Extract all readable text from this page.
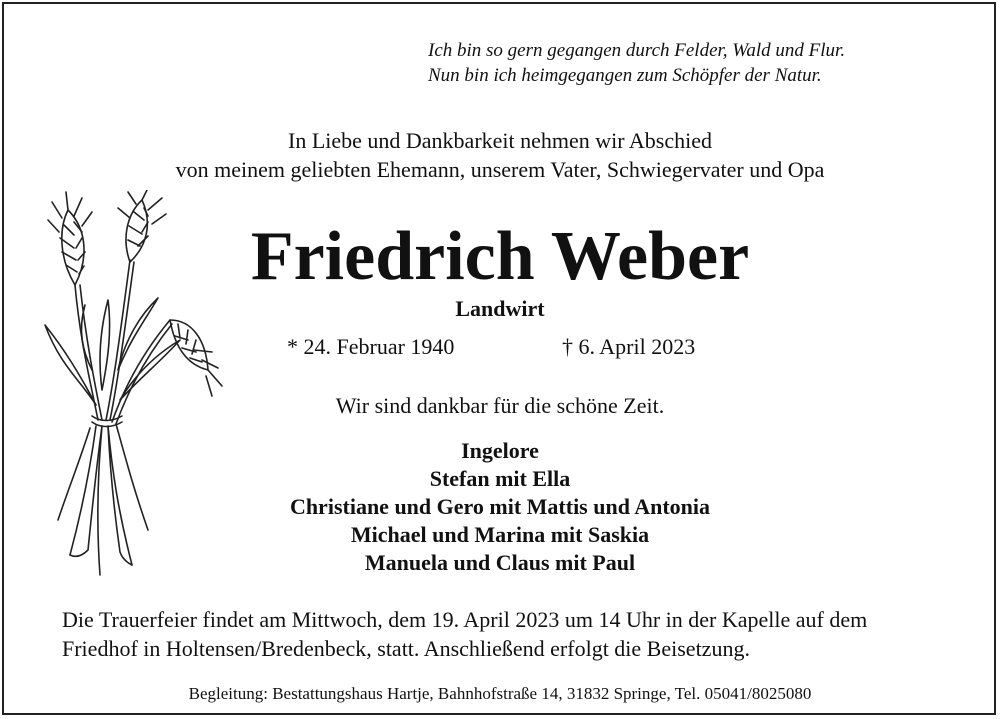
Ich bin so gern gegangen durch Felder, Wald und Flur.
Nun bin ich heimgegangen zum Schöpfer der Natur.
In Liebe und Dankbarkeit nehmen wir Abschied
von meinem geliebten Ehemann, unserem Vater, Schwiegervater und Opa
Friedrich Weber
Landwirt
* 24. Februar 1940	† 6. April 2023
Wir sind dankbar für die schöne Zeit.
Ingelore
Stefan mit Ella
Christiane und Gero mit Mattis und Antonia
Michael und Marina mit Saskia
Manuela und Claus mit Paul
Die Trauerfeier findet am Mittwoch, dem 19. April 2023 um 14 Uhr in der Kapelle auf dem
Friedhof in Holtensen/Bredenbeck, statt. Anschließend erfolgt die Beisetzung.
Begleitung: Bestattungshaus Hartje, Bahnhofstraße 14, 31832 Springe, Tel. 05041/8025080
